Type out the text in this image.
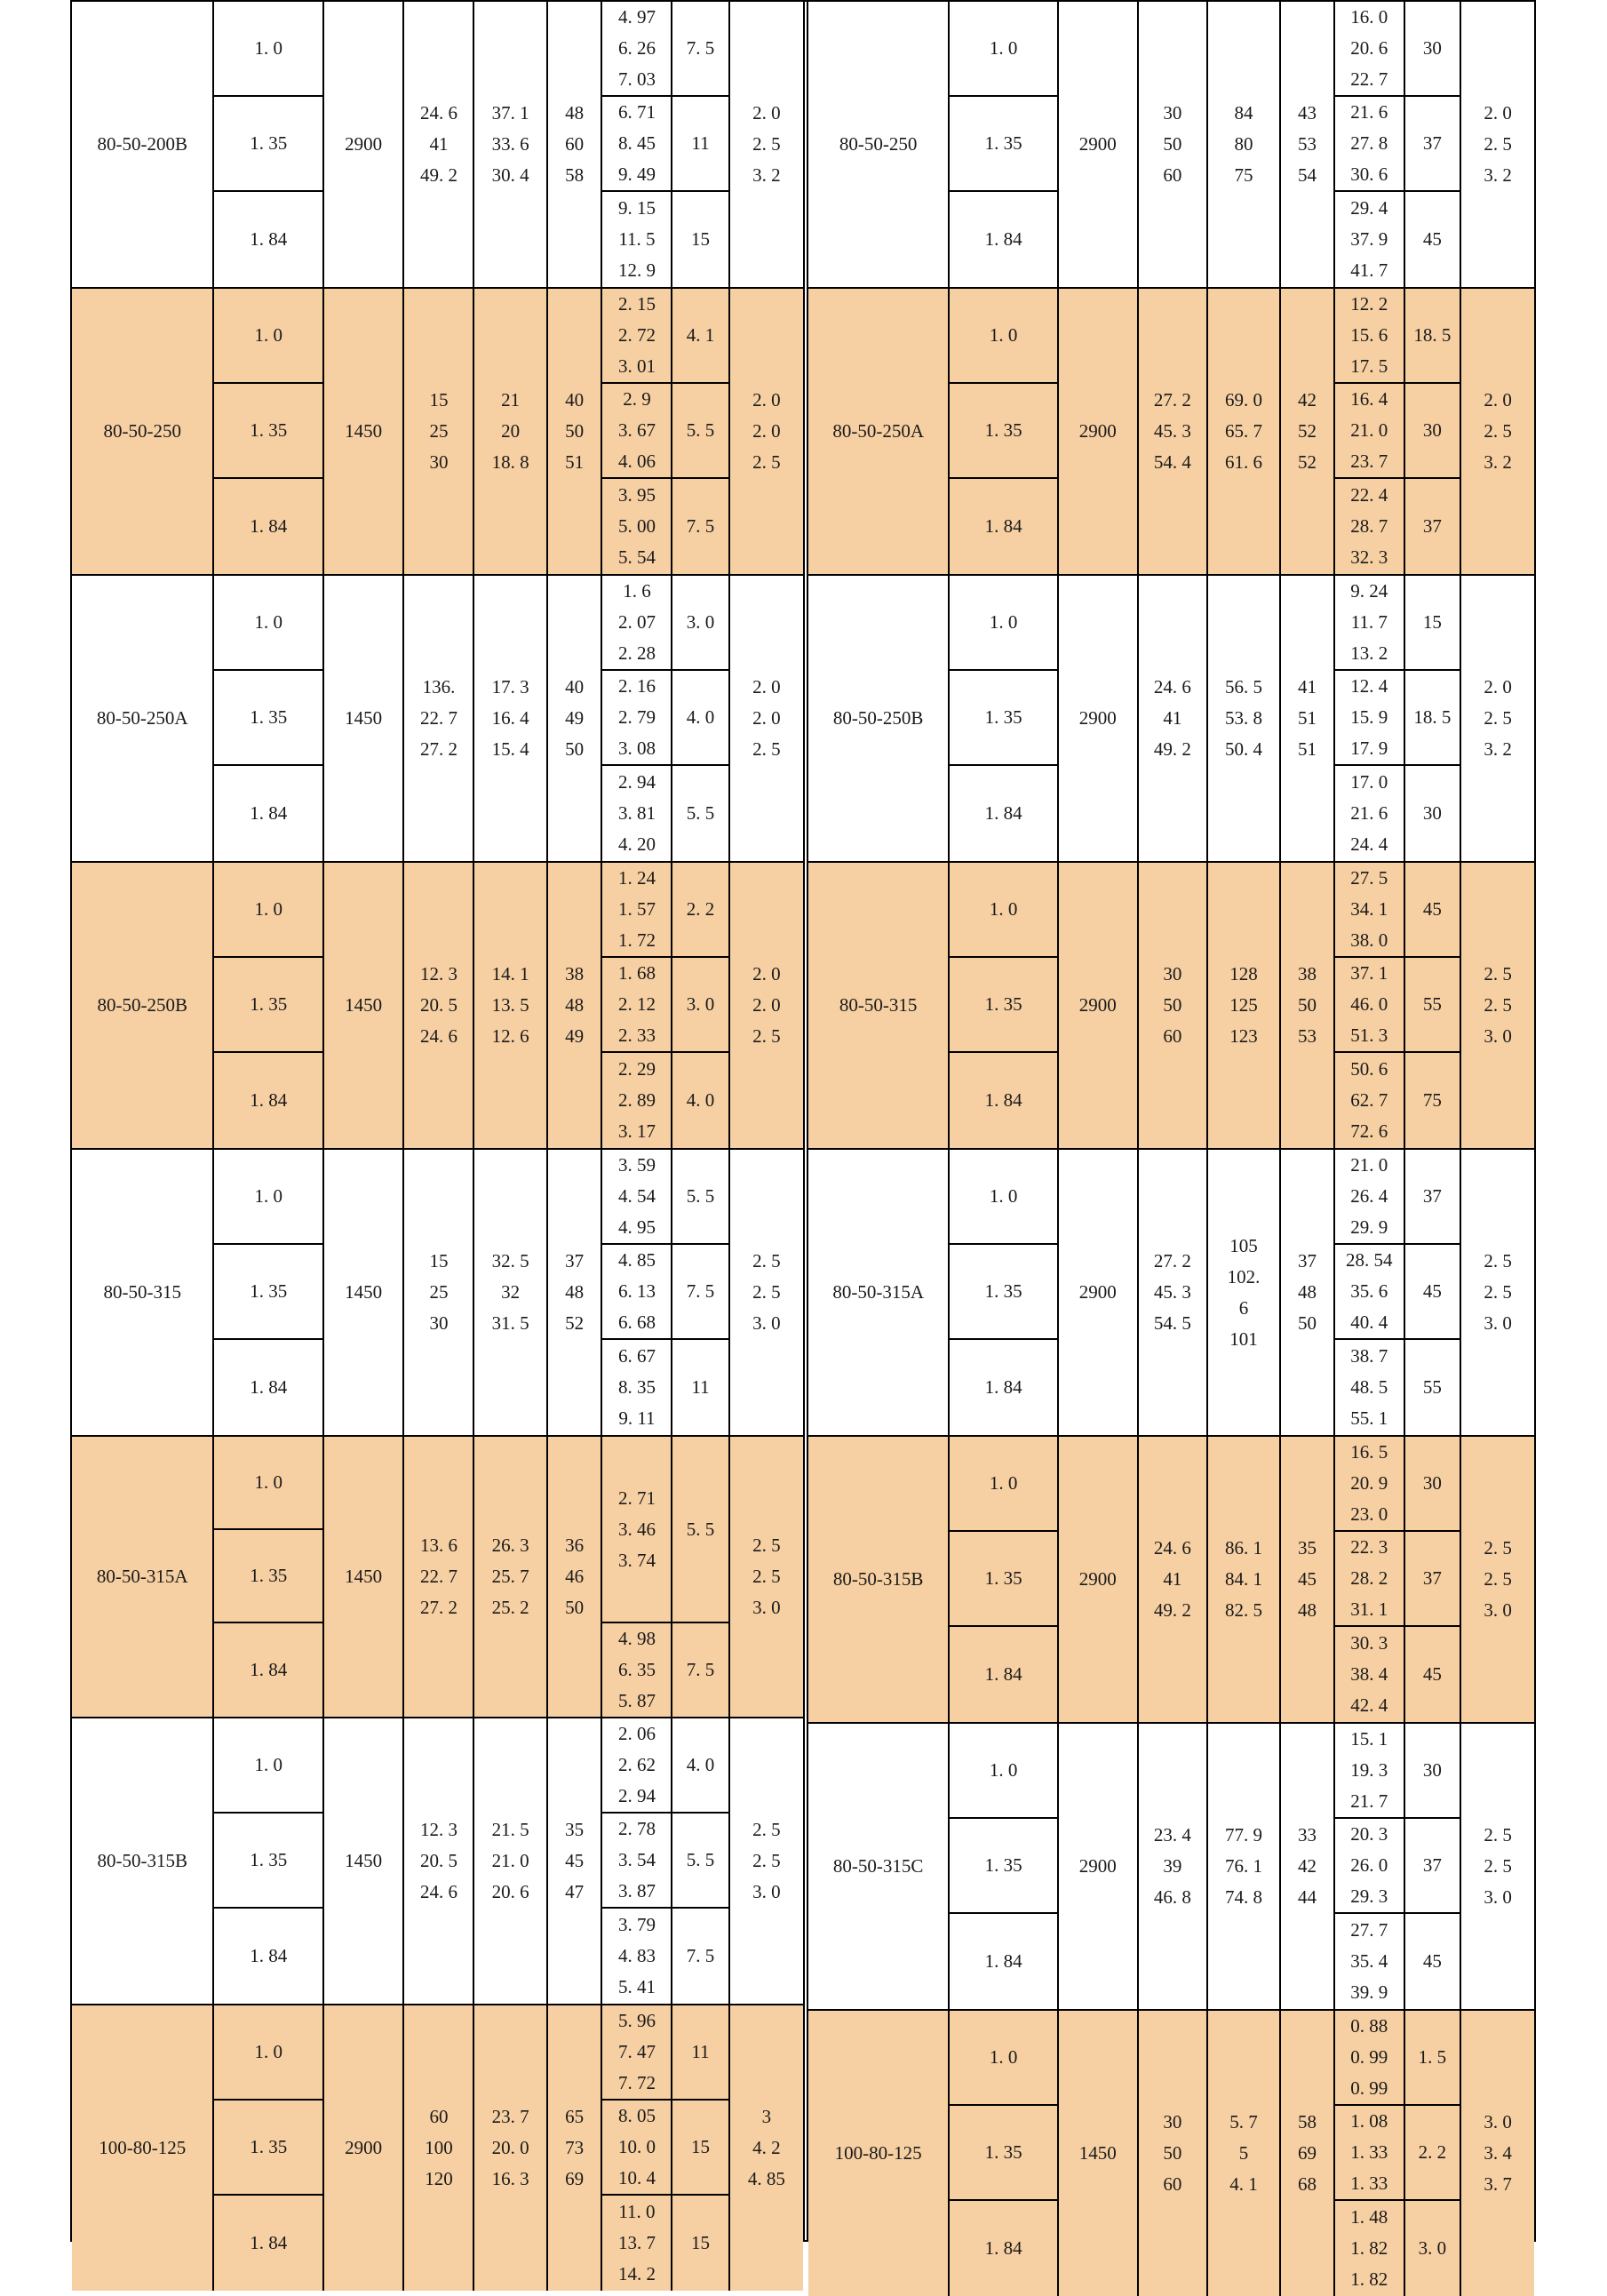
80-50-200B
1. 0
1. 35
1. 84
2900
24. 6
41
49. 2
37. 1
33. 6
30. 4
48
60
58
4. 97
6. 26
7. 03
7. 5
6. 71
8. 45
9. 49
11
9. 15
11. 5
12. 9
15
2. 0
2. 5
3. 2
80-50-250
1. 0
1. 35
1. 84
1450
15
25
30
21
20
18. 8
40
50
51
2. 15
2. 72
3. 01
4. 1
2. 9
3. 67
4. 06
5. 5
3. 95
5. 00
5. 54
7. 5
2. 0
2. 0
2. 5
80-50-250A
1. 0
1. 35
1. 84
1450
136.
22. 7
27. 2
17. 3
16. 4
15. 4
40
49
50
1. 6
2. 07
2. 28
3. 0
2. 16
2. 79
3. 08
4. 0
2. 94
3. 81
4. 20
5. 5
2. 0
2. 0
2. 5
80-50-250B
1. 0
1. 35
1. 84
1450
12. 3
20. 5
24. 6
14. 1
13. 5
12. 6
38
48
49
1. 24
1. 57
1. 72
2. 2
1. 68
2. 12
2. 33
3. 0
2. 29
2. 89
3. 17
4. 0
2. 0
2. 0
2. 5
80-50-315
1. 0
1. 35
1. 84
1450
15
25
30
32. 5
32
31. 5
37
48
52
3. 59
4. 54
4. 95
5. 5
4. 85
6. 13
6. 68
7. 5
6. 67
8. 35
9. 11
11
2. 5
2. 5
3. 0
80-50-315A
1. 0
1. 35
1. 84
1450
13. 6
22. 7
27. 2
26. 3
25. 7
25. 2
36
46
50
2. 71
3. 46
3. 74
5. 5
4. 98
6. 35
5. 87
7. 5
2. 5
2. 5
3. 0
80-50-315B
1. 0
1. 35
1. 84
1450
12. 3
20. 5
24. 6
21. 5
21. 0
20. 6
35
45
47
2. 06
2. 62
2. 94
4. 0
2. 78
3. 54
3. 87
5. 5
3. 79
4. 83
5. 41
7. 5
2. 5
2. 5
3. 0
100-80-125
1. 0
1. 35
1. 84
2900
60
100
120
23. 7
20. 0
16. 3
65
73
69
5. 96
7. 47
7. 72
11
8. 05
10. 0
10. 4
15
11. 0
13. 7
14. 2
15
3
4. 2
4. 85
80-50-250
1. 0
1. 35
1. 84
2900
30
50
60
84
80
75
43
53
54
16. 0
20. 6
22. 7
30
21. 6
27. 8
30. 6
37
29. 4
37. 9
41. 7
45
2. 0
2. 5
3. 2
80-50-250A
1. 0
1. 35
1. 84
2900
27. 2
45. 3
54. 4
69. 0
65. 7
61. 6
42
52
52
12. 2
15. 6
17. 5
18. 5
16. 4
21. 0
23. 7
30
22. 4
28. 7
32. 3
37
2. 0
2. 5
3. 2
80-50-250B
1. 0
1. 35
1. 84
2900
24. 6
41
49. 2
56. 5
53. 8
50. 4
41
51
51
9. 24
11. 7
13. 2
15
12. 4
15. 9
17. 9
18. 5
17. 0
21. 6
24. 4
30
2. 0
2. 5
3. 2
80-50-315
1. 0
1. 35
1. 84
2900
30
50
60
128
125
123
38
50
53
27. 5
34. 1
38. 0
45
37. 1
46. 0
51. 3
55
50. 6
62. 7
72. 6
75
2. 5
2. 5
3. 0
80-50-315A
1. 0
1. 35
1. 84
2900
27. 2
45. 3
54. 5
105
102.
6
101
37
48
50
21. 0
26. 4
29. 9
37
28. 54
35. 6
40. 4
45
38. 7
48. 5
55. 1
55
2. 5
2. 5
3. 0
80-50-315B
1. 0
1. 35
1. 84
2900
24. 6
41
49. 2
86. 1
84. 1
82. 5
35
45
48
16. 5
20. 9
23. 0
30
22. 3
28. 2
31. 1
37
30. 3
38. 4
42. 4
45
2. 5
2. 5
3. 0
80-50-315C
1. 0
1. 35
1. 84
2900
23. 4
39
46. 8
77. 9
76. 1
74. 8
33
42
44
15. 1
19. 3
21. 7
30
20. 3
26. 0
29. 3
37
27. 7
35. 4
39. 9
45
2. 5
2. 5
3. 0
100-80-125
1. 0
1. 35
1. 84
1450
30
50
60
5. 7
5
4. 1
58
69
68
0. 88
0. 99
0. 99
1. 5
1. 08
1. 33
1. 33
2. 2
1. 48
1. 82
1. 82
3. 0
3. 0
3. 4
3. 7
